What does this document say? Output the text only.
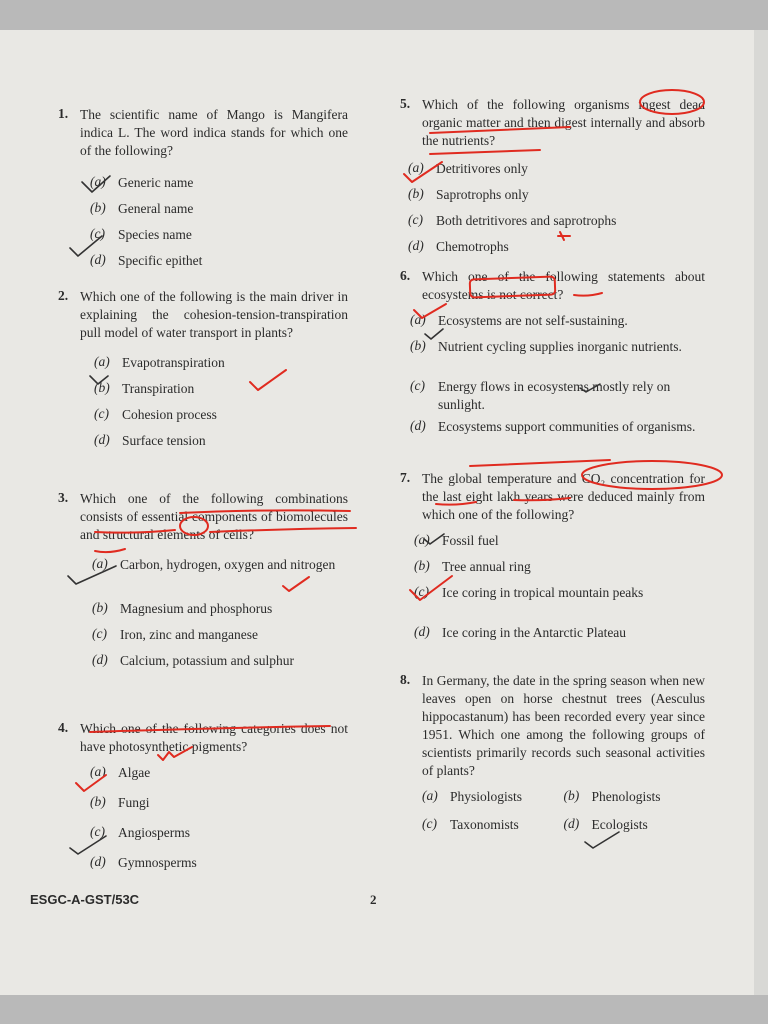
1. The scientific name of Mango is Mangifera indica L. The word indica stands for which one of the following?
(a) Generic name
(b) General name
(c) Species name
(d) Specific epithet
2. Which one of the following is the main driver in explaining the cohesion-tension-transpiration pull model of water transport in plants?
(a) Evapotranspiration
(b) Transpiration
(c) Cohesion process
(d) Surface tension
3. Which one of the following combinations consists of essential components of biomolecules and structural elements of cells?
(a) Carbon, hydrogen, oxygen and nitrogen
(b) Magnesium and phosphorus
(c) Iron, zinc and manganese
(d) Calcium, potassium and sulphur
4. Which one of the following categories does not have photosynthetic pigments?
(a) Algae
(b) Fungi
(c) Angiosperms
(d) Gymnosperms
5. Which of the following organisms ingest dead organic matter and then digest internally and absorb the nutrients?
(a) Detritivores only
(b) Saprotrophs only
(c) Both detritivores and saprotrophs
(d) Chemotrophs
6. Which one of the following statements about ecosystems is not correct?
(a) Ecosystems are not self-sustaining.
(b) Nutrient cycling supplies inorganic nutrients.
(c) Energy flows in ecosystems mostly rely on sunlight.
(d) Ecosystems support communities of organisms.
7. The global temperature and CO₂ concentration for the last eight lakh years were deduced mainly from which one of the following?
(a) Fossil fuel
(b) Tree annual ring
(c) Ice coring in tropical mountain peaks
(d) Ice coring in the Antarctic Plateau
8. In Germany, the date in the spring season when new leaves open on horse chestnut trees (Aesculus hippocastanum) has been recorded every year since 1951. Which one among the following groups of scientists primarily records such seasonal activities of plants?
(a) Physiologists	(b) Phenologists
(c) Taxonomists	(d) Ecologists
ESGC-A-GST/53C	2
